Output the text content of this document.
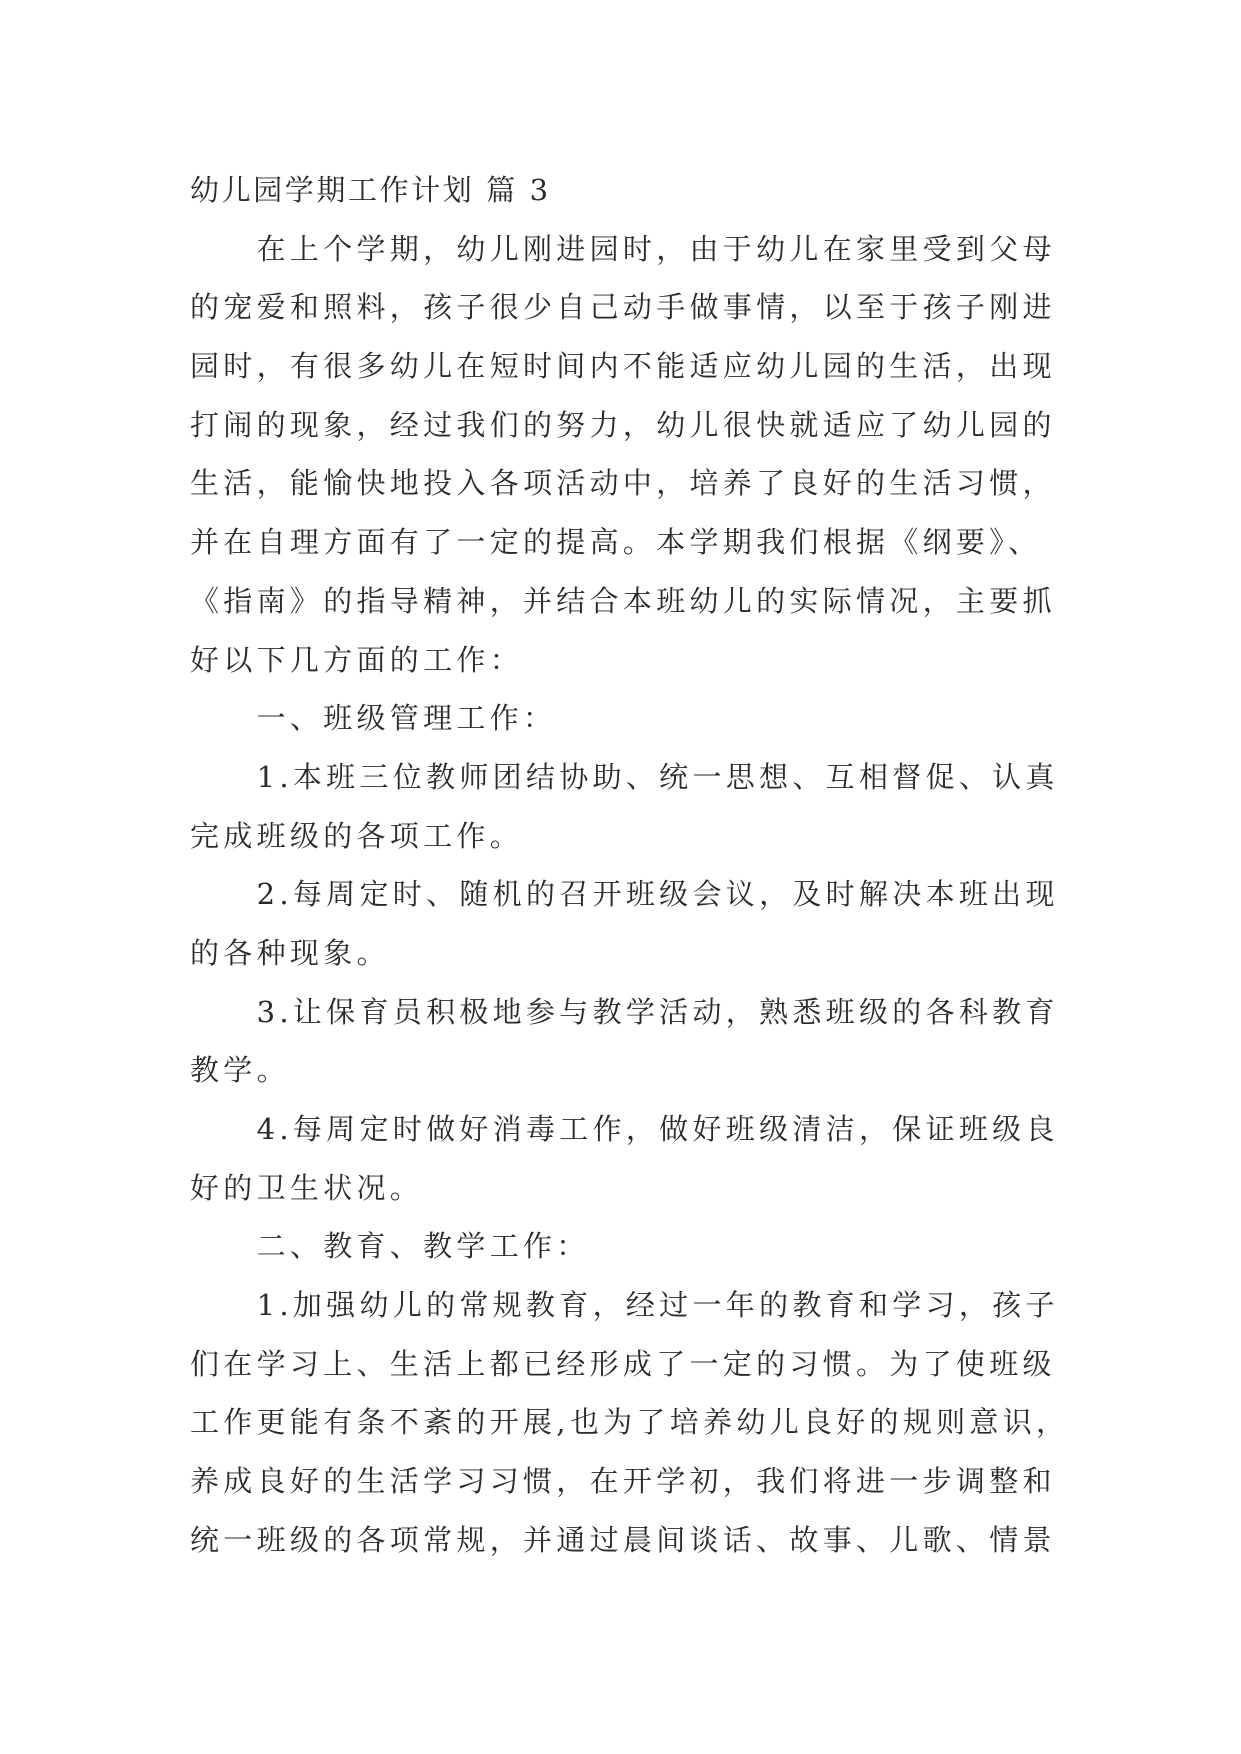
幼儿园学期工作计划 篇 3
在上个学期，幼儿刚进园时，由于幼儿在家里受到父母
的宠爱和照料，孩子很少自己动手做事情，以至于孩子刚进
园时，有很多幼儿在短时间内不能适应幼儿园的生活，出现
打闹的现象，经过我们的努力，幼儿很快就适应了幼儿园的
生活，能愉快地投入各项活动中，培养了良好的生活习惯，
并在自理方面有了一定的提高。本学期我们根据《纲要》、
《指南》的指导精神，并结合本班幼儿的实际情况，主要抓
好以下几方面的工作：
一、班级管理工作：
1.本班三位教师团结协助、统一思想、互相督促、认真
完成班级的各项工作。
2.每周定时、随机的召开班级会议，及时解决本班出现
的各种现象。
3.让保育员积极地参与教学活动，熟悉班级的各科教育
教学。
4.每周定时做好消毒工作，做好班级清洁，保证班级良
好的卫生状况。
二、教育、教学工作：
1.加强幼儿的常规教育，经过一年的教育和学习，孩子
们在学习上、生活上都已经形成了一定的习惯。为了使班级
工作更能有条不紊的开展,也为了培养幼儿良好的规则意识，
养成良好的生活学习习惯，在开学初，我们将进一步调整和
统一班级的各项常规，并通过晨间谈话、故事、儿歌、情景
